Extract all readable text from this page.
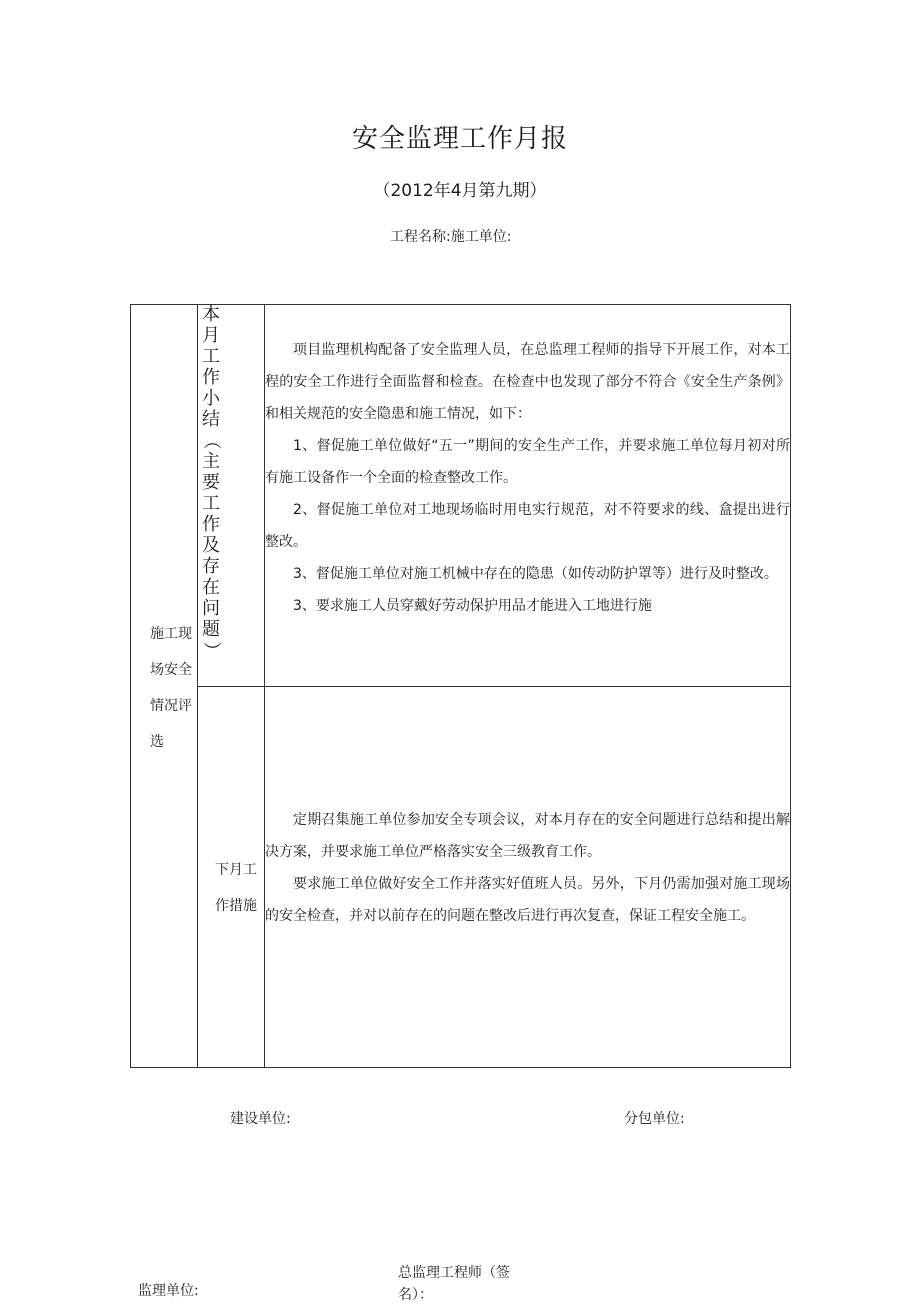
安全监理工作月报
（2012年4月第九期）
工程名称:施工单位:
施工现场安全情况评选
本
月
工
作
小
结
（
主
要
工
作
及
存
在
问
题
）

项目监理机构配备了安全监理人员，在总监理工程师的指导下开展工作，对本工程的安全工作进行全面监督和检查。在检查中也发现了部分不符合《安全生产条例》和相关规范的安全隐患和施工情况，如下：

1、督促施工单位做好“五一”期间的安全生产工作，并要求施工单位每月初对所有施工设备作一个全面的检查整改工作。

2、督促施工单位对工地现场临时用电实行规范，对不符要求的线、盒提出进行整改。

3、督促施工单位对施工机械中存在的隐患（如传动防护罩等）进行及时整改。

3、要求施工人员穿戴好劳动保护用品才能进入工地进行施

下月工作措施

定期召集施工单位参加安全专项会议，对本月存在的安全问题进行总结和提出解决方案，并要求施工单位严格落实安全三级教育工作。

要求施工单位做好安全工作并落实好值班人员。另外，下月仍需加强对施工现场的安全检查，并对以前存在的问题在整改后进行再次复查，保证工程安全施工。

建设单位:	分包单位:
监理单位:
总监理工程师（签名）：
